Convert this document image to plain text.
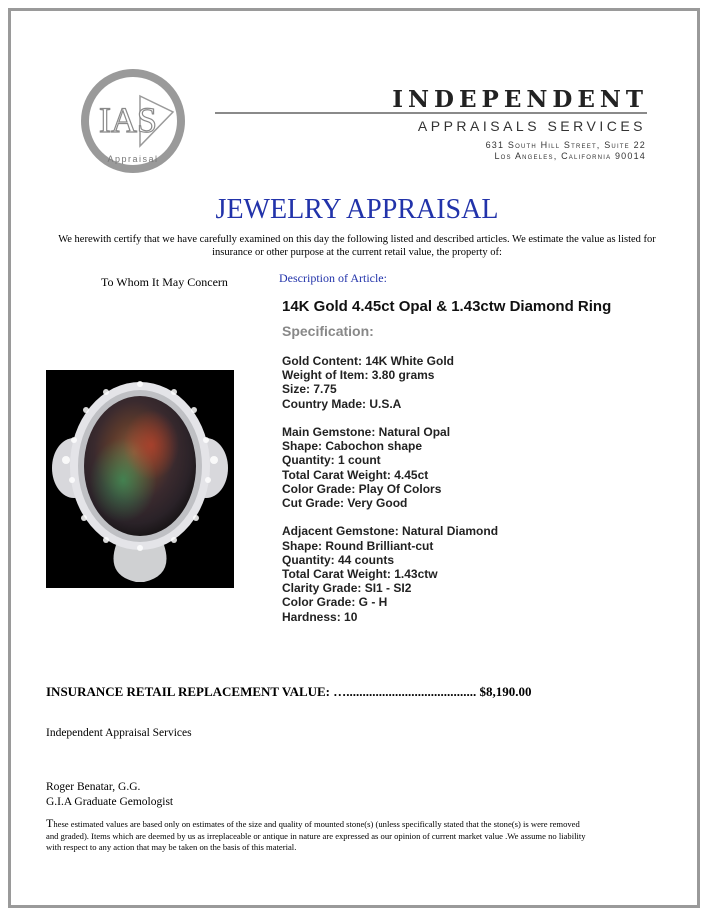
IAS
Appraisal
INDEPENDENT
APPRAISALS SERVICES
631 South Hill Street, Suite 22
Los Angeles, California 90014
JEWELRY APPRAISAL
We herewith certify that we have carefully examined on this day the following listed and described articles. We estimate the value as listed for insurance or other purpose at the current retail value, the property of:
To Whom It May Concern	Description of Article:
14K Gold 4.45ct Opal & 1.43ctw Diamond Ring
Specification:
Gold Content: 14K White Gold
Weight of Item: 3.80 grams
Size: 7.75
Country Made: U.S.A
Main Gemstone: Natural Opal
Shape: Cabochon shape
Quantity: 1 count
Total Carat Weight: 4.45ct
Color Grade: Play Of Colors
Cut Grade: Very Good
Adjacent Gemstone: Natural Diamond
Shape: Round Brilliant-cut
Quantity: 44 counts
Total Carat Weight: 1.43ctw
Clarity Grade: SI1 - SI2
Color Grade: G - H
Hardness: 10
INSURANCE RETAIL REPLACEMENT VALUE: …........................................ $8,190.00
Independent Appraisal Services
Roger Benatar, G.G.
G.I.A Graduate Gemologist
These estimated values are based only on estimates of the size and quality of mounted stone(s) (unless specifically stated that the stone(s) is were removed and graded). Items which are deemed by us as irreplaceable or antique in nature are expressed as our opinion of current market value .We assume no liability with respect to any action that may be taken on the basis of this material.
